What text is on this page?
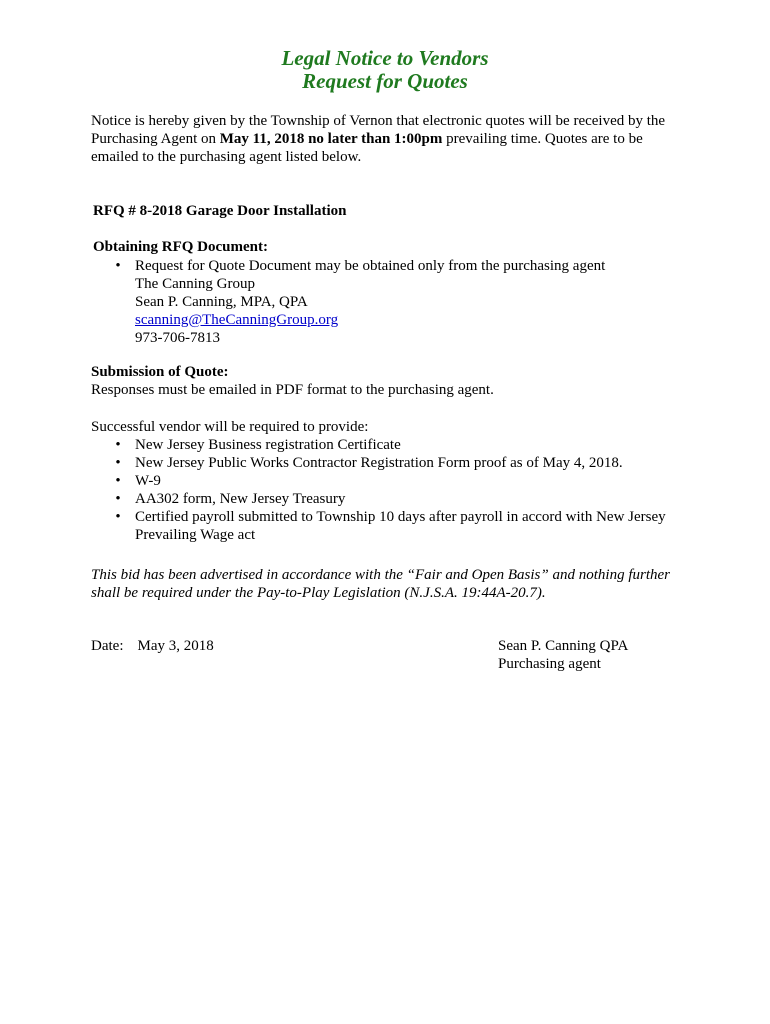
Legal Notice to Vendors
Request for Quotes
Notice is hereby given by the Township of Vernon that electronic quotes will be received by the
Purchasing Agent on May 11, 2018 no later than 1:00pm prevailing time. Quotes are to be
emailed to the purchasing agent listed below.
RFQ # 8-2018 Garage Door Installation
Obtaining RFQ Document:
• Request for Quote Document may be obtained only from the purchasing agent
The Canning Group
Sean P. Canning, MPA, QPA
scanning@TheCanningGroup.org
973-706-7813
Submission of Quote:
Responses must be emailed in PDF format to the purchasing agent.
Successful vendor will be required to provide:
• New Jersey Business registration Certificate
• New Jersey Public Works Contractor Registration Form proof as of May 4, 2018.
• W-9
• AA302 form, New Jersey Treasury
• Certified payroll submitted to Township 10 days after payroll in accord with New Jersey
Prevailing Wage act
This bid has been advertised in accordance with the “Fair and Open Basis” and nothing further
shall be required under the Pay-to-Play Legislation (N.J.S.A. 19:44A-20.7).
Date: May 3, 2018	Sean P. Canning QPA
Purchasing agent
